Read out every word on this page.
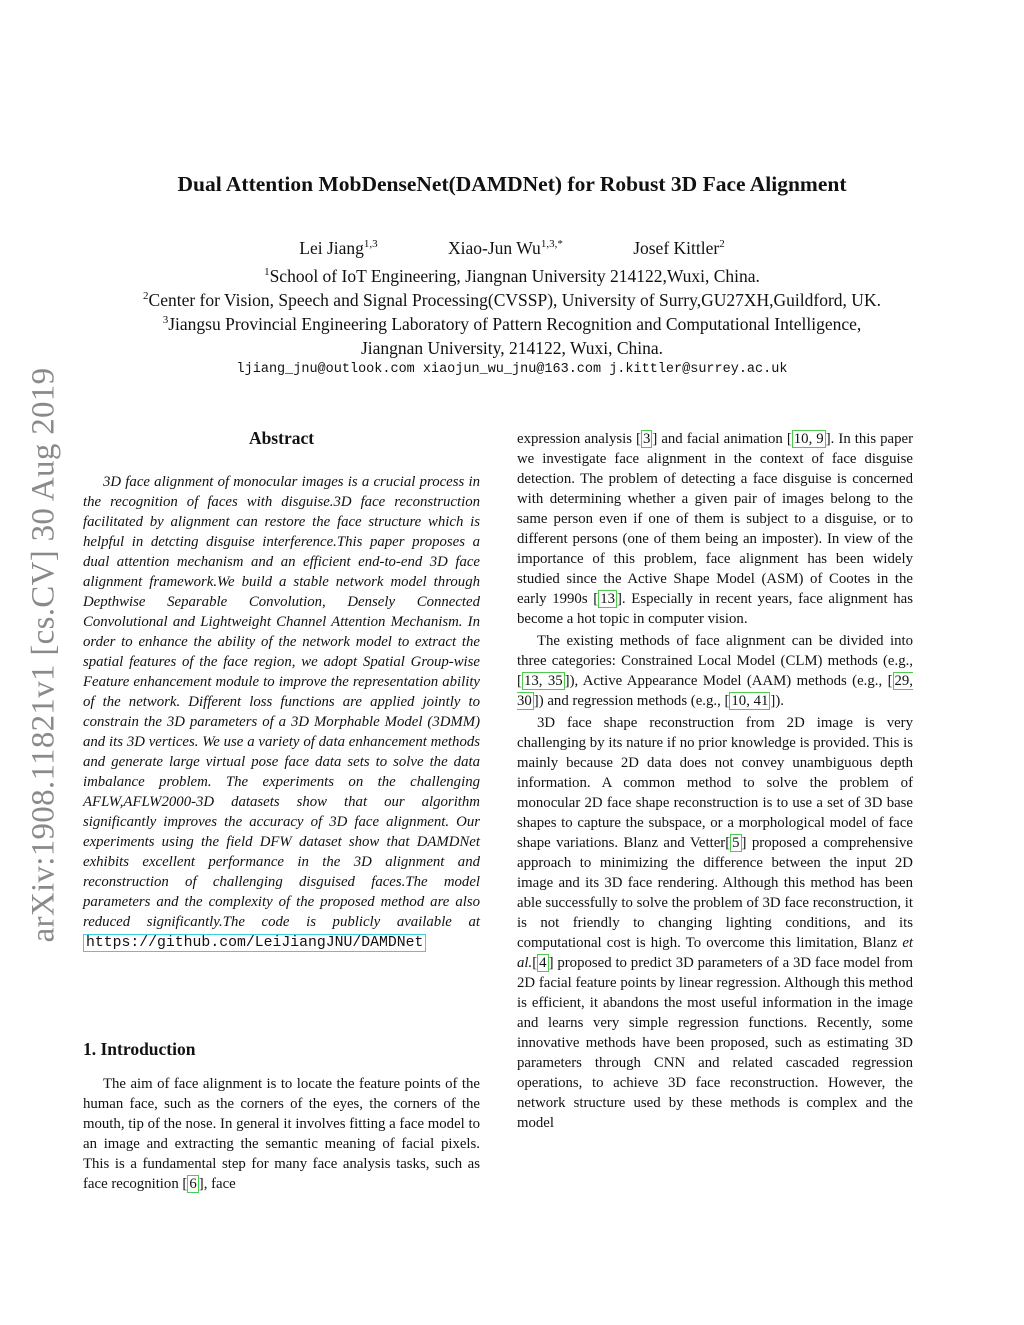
arXiv:1908.11821v1 [cs.CV] 30 Aug 2019
Dual Attention MobDenseNet(DAMDNet) for Robust 3D Face Alignment
Lei Jiang$^{1,3}$	Xiao-Jun $Wu^{1,3,*}$	Josef Kittler$^2$
$^1$School of IoT Engineering, Jiangnan University 214122,Wuxi, China.
$^2$Center for Vision, Speech and Signal Processing(CVSSP), University of Surry,GU27XH,Guildford, UK.
$^3$Jiangsu Provincial Engineering Laboratory of Pattern Recognition and Computational Intelligence,
Jiangnan University, 214122, Wuxi, China.
ljiang_jnu@outlook.com xiaojun_wu_jnu@163.com j.kittler@surrey.ac.uk
Abstract

3D face alignment of monocular images is a crucial process in the recognition of faces with disguise.3D face reconstruction facilitated by alignment can restore the face structure which is helpful in detcting disguise interference.This paper proposes a dual attention mechanism and an efficient end-to-end 3D face alignment framework.We build a stable network model through Depthwise Separable Convolution, Densely Connected Convolutional and Lightweight Channel Attention Mechanism. In order to enhance the ability of the network model to extract the spatial features of the face region, we adopt Spatial Group-wise Feature enhancement module to improve the representation ability of the network. Different loss functions are applied jointly to constrain the 3D parameters of a 3D Morphable Model (3DMM) and its 3D vertices. We use a variety of data enhancement methods and generate large virtual pose face data sets to solve the data imbalance problem. The experiments on the challenging AFLW,AFLW2000-3D datasets show that our algorithm significantly improves the accuracy of 3D face alignment. Our experiments using the field DFW dataset show that DAMDNet exhibits excellent performance in the 3D alignment and reconstruction of challenging disguised faces.The model parameters and the complexity of the proposed method are also reduced significantly.The code is publicly available at https://github.com/LeiJiangJNU/DAMDNet

1. Introduction

The aim of face alignment is to locate the feature points of the human face, such as the corners of the eyes, the corners of the mouth, tip of the nose. In general it involves fitting a face model to an image and extracting the semantic meaning of facial pixels. This is a fundamental step for many face analysis tasks, such as face recognition [ 6 ], face

expression analysis [ 3 ] and facial animation [ 10, 9 ]. In this paper we investigate face alignment in the context of face disguise detection. The problem of detecting a face disguise is concerned with determining whether a given pair of images belong to the same person even if one of them is subject to a disguise, or to different persons (one of them being an imposter). In view of the importance of this problem, face alignment has been widely studied since the Active Shape Model (ASM) of Cootes in the early 1990s [ 13 ]. Especially in recent years, face alignment has become a hot topic in computer vision.

The existing methods of face alignment can be divided into three categories: Constrained Local Model (CLM) methods (e.g., [ 13, 35 ]), Active Appearance Model (AAM) methods (e.g., [ 29, 30 ]) and regression methods (e.g., [ 10, 41 ]).

3D face shape reconstruction from 2D image is very challenging by its nature if no prior knowledge is provided. This is mainly because 2D data does not convey unambiguous depth information. A common method to solve the problem of monocular 2D face shape reconstruction is to use a set of 3D base shapes to capture the subspace, or a morphological model of face shape variations. Blanz and Vetter[ 5 ] proposed a comprehensive approach to minimizing the difference between the input 2D image and its 3D face rendering. Although this method has been able successfully to solve the problem of 3D face reconstruction, it is not friendly to changing lighting conditions, and its computational cost is high. To overcome this limitation, Blanz et al.[ 4 ] proposed to predict 3D parameters of a 3D face model from 2D facial feature points by linear regression. Although this method is efficient, it abandons the most useful information in the image and learns very simple regression functions. Recently, some innovative methods have been proposed, such as estimating 3D parameters through CNN and related cascaded regression operations, to achieve 3D face reconstruction. However, the network structure used by these methods is complex and the model
